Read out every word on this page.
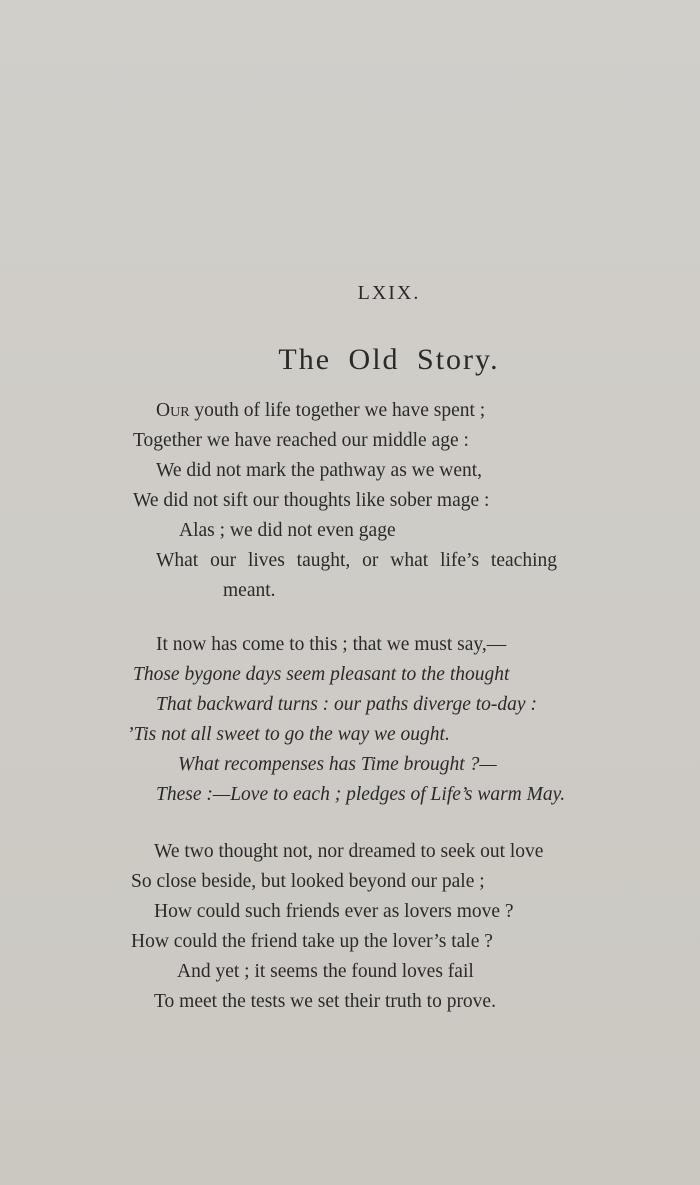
LXIX.
The Old Story.
Our youth of life together we have spent ;
Together we have reached our middle age :
We did not mark the pathway as we went,
We did not sift our thoughts like sober mage :
Alas ; we did not even gage
What our lives taught, or what life’s teaching
meant.
It now has come to this ; that we must say,—
Those bygone days seem pleasant to the thought
That backward turns : our paths diverge to-day :
’Tis not all sweet to go the way we ought.
What recompenses has Time brought ?—
These :—Love to each ; pledges of Life’s warm May.
We two thought not, nor dreamed to seek out love
So close beside, but looked beyond our pale ;
How could such friends ever as lovers move ?
How could the friend take up the lover’s tale ?
And yet ; it seems the found loves fail
To meet the tests we set their truth to prove.
